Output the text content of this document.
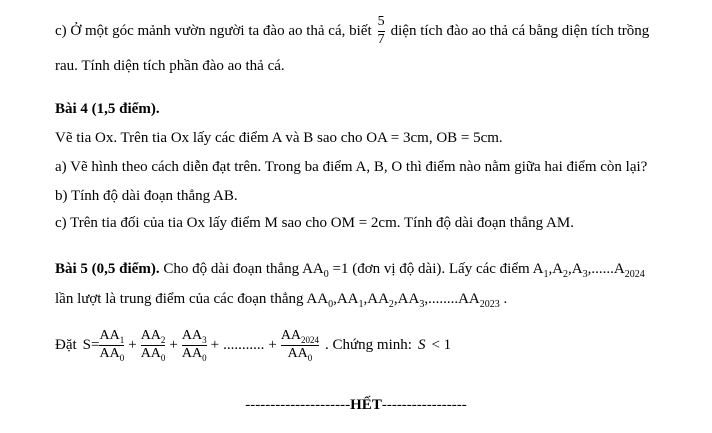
c) Ở một góc mảnh vườn người ta đào ao thả cá, biết $\frac{5}{7}$ diện tích đào ao thả cá bằng diện tích trồng
rau. Tính diện tích phần đào ao thả cá.
Bài 4 (1,5 điểm).
Vẽ tia Ox. Trên tia Ox lấy các điểm A và B sao cho OA = 3cm, OB = 5cm.
a) Vẽ hình theo cách diễn đạt trên. Trong ba điểm A, B, O thì điểm nào nằm giữa hai điểm còn lại?
b) Tính độ dài đoạn thẳng AB.
c) Trên tia đối của tia Ox lấy điểm M sao cho OM = 2cm. Tính độ dài đoạn thẳng AM.
Bài 5 (0,5 điểm). Cho độ dài đoạn thẳng $AA_0 =1$ (đơn vị độ dài). Lấy các điểm $A_1,A_2,A_3,......A_{2024}$
lần lượt là trung điểm của các đoạn thẳng $AA_0,AA_1,AA_2,AA_3,........AA_{2023}$ .
Đặt $S= \frac{AA_1}{AA_0} + \frac{AA_2}{AA_0} + \frac{AA_3}{AA_0}$ + ........... + $\frac{AA_{2024}}{AA_0}$ . Chứng minh: S < 1
---------------------HẾT-----------------
